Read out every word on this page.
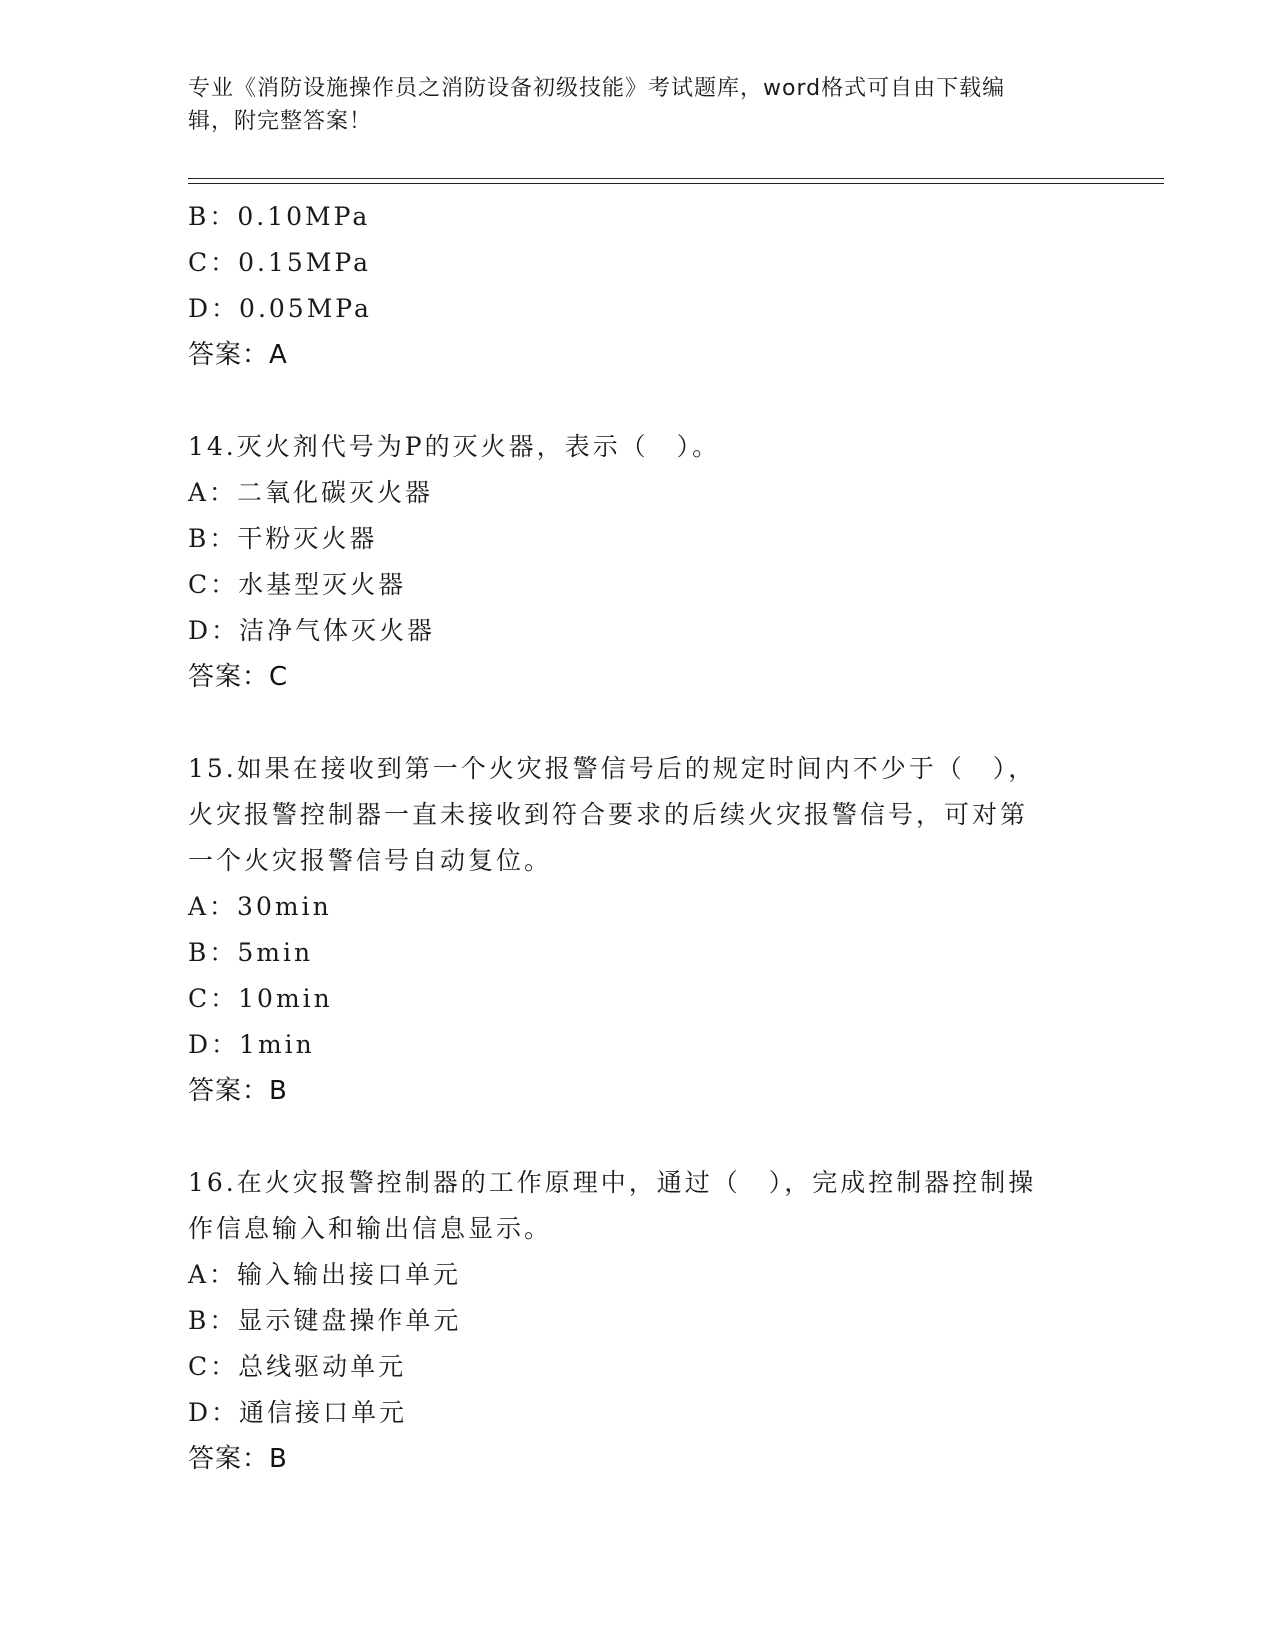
专业《消防设施操作员之消防设备初级技能》考试题库，word格式可自由下载编
辑，附完整答案！
B：0.10MPa
C：0.15MPa
D：0.05MPa
答案：A
14.灭火剂代号为P的灭火器，表示（　）。
A：二氧化碳灭火器
B：干粉灭火器
C：水基型灭火器
D：洁净气体灭火器
答案：C
15.如果在接收到第一个火灾报警信号后的规定时间内不少于（　），
火灾报警控制器一直未接收到符合要求的后续火灾报警信号，可对第
一个火灾报警信号自动复位。
A：30min
B：5min
C：10min
D：1min
答案：B
16.在火灾报警控制器的工作原理中，通过（　），完成控制器控制操
作信息输入和输出信息显示。
A：输入输出接口单元
B：显示键盘操作单元
C：总线驱动单元
D：通信接口单元
答案：B
